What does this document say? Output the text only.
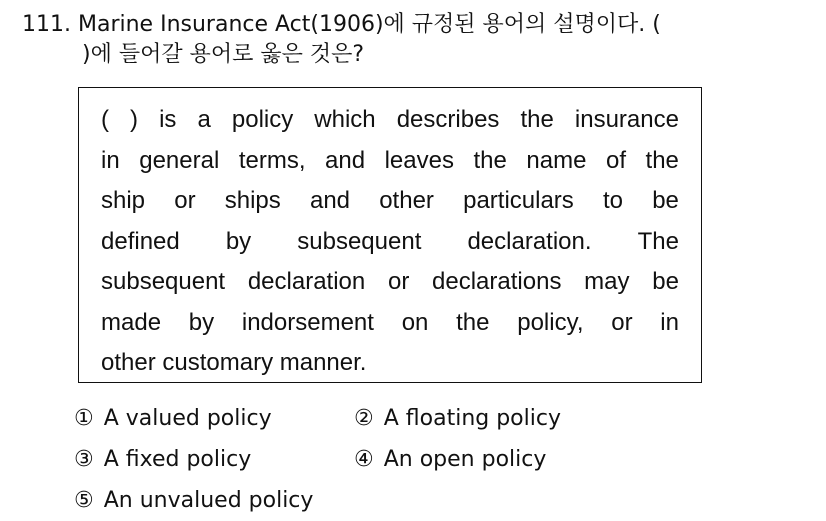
111. Marine Insurance Act(1906)에 규정된 용어의 설명이다. (
)에 들어갈 용어로 옳은 것은?
( ) is a policy which describes the insurance
in general terms, and leaves the name of the
ship or ships and other particulars to be
defined by subsequent declaration. The
subsequent declaration or declarations may be
made by indorsement on the policy, or in
other customary manner.
① A valued policy	② A floating policy
③ A fixed policy	④ An open policy
⑤ An unvalued policy
